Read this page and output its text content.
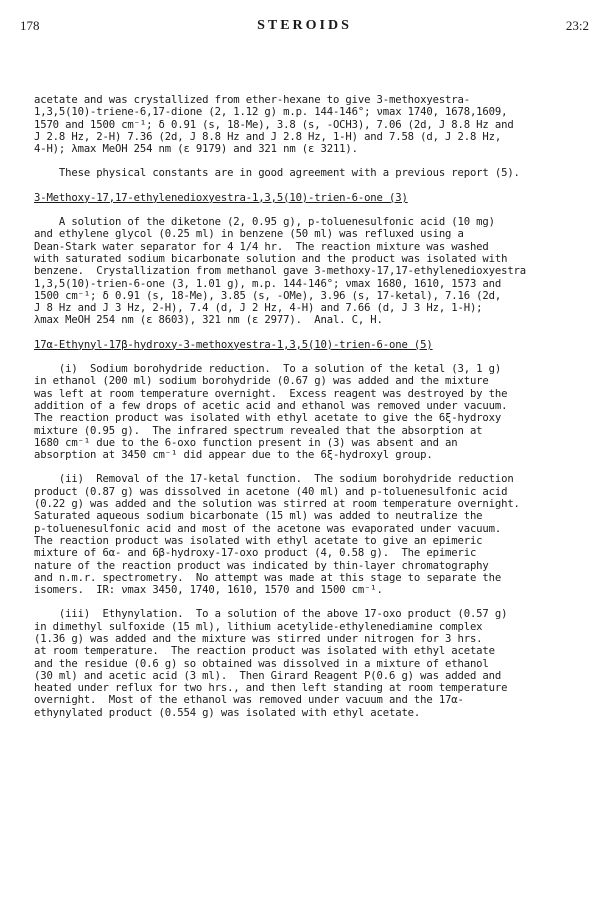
178	STEROIDS	23:2
acetate and was crystallized from ether-hexane to give 3-methoxyestra-
1,3,5(10)-triene-6,17-dione (2, 1.12 g) m.p. 144-146°; νmax 1740, 1678,1609,
1570 and 1500 cm⁻¹; δ 0.91 (s, 18-Me), 3.8 (s, -OCH3), 7.06 (2d, J 8.8 Hz and
J 2.8 Hz, 2-H) 7.36 (2d, J 8.8 Hz and J 2.8 Hz, 1-H) and 7.58 (d, J 2.8 Hz,
4-H); λmax MeOH 254 nm (ε 9179) and 321 nm (ε 3211).
These physical constants are in good agreement with a previous report (5).
3-Methoxy-17,17-ethylenedioxyestra-1,3,5(10)-trien-6-one (3)
A solution of the diketone (2, 0.95 g), p-toluenesulfonic acid (10 mg)
and ethylene glycol (0.25 ml) in benzene (50 ml) was refluxed using a
Dean-Stark water separator for 4 1/4 hr.  The reaction mixture was washed
with saturated sodium bicarbonate solution and the product was isolated with
benzene.  Crystallization from methanol gave 3-methoxy-17,17-ethylenedioxyestra
1,3,5(10)-trien-6-one (3, 1.01 g), m.p. 144-146°; νmax 1680, 1610, 1573 and
1500 cm⁻¹; δ 0.91 (s, 18-Me), 3.85 (s, -OMe), 3.96 (s, 17-ketal), 7.16 (2d,
J 8 Hz and J 3 Hz, 2-H), 7.4 (d, J 2 Hz, 4-H) and 7.66 (d, J 3 Hz, 1-H);
λmax MeOH 254 nm (ε 8603), 321 nm (ε 2977).  Anal. C, H.
17α-Ethynyl-17β-hydroxy-3-methoxyestra-1,3,5(10)-trien-6-one (5)
(i)  Sodium borohydride reduction.  To a solution of the ketal (3, 1 g)
in ethanol (200 ml) sodium borohydride (0.67 g) was added and the mixture
was left at room temperature overnight.  Excess reagent was destroyed by the
addition of a few drops of acetic acid and ethanol was removed under vacuum.
The reaction product was isolated with ethyl acetate to give the 6ξ-hydroxy
mixture (0.95 g).  The infrared spectrum revealed that the absorption at
1680 cm⁻¹ due to the 6-oxo function present in (3) was absent and an
absorption at 3450 cm⁻¹ did appear due to the 6ξ-hydroxyl group.
(ii)  Removal of the 17-ketal function.  The sodium borohydride reduction
product (0.87 g) was dissolved in acetone (40 ml) and p-toluenesulfonic acid
(0.22 g) was added and the solution was stirred at room temperature overnight.
Saturated aqueous sodium bicarbonate (15 ml) was added to neutralize the
p-toluenesulfonic acid and most of the acetone was evaporated under vacuum.
The reaction product was isolated with ethyl acetate to give an epimeric
mixture of 6α- and 6β-hydroxy-17-oxo product (4, 0.58 g).  The epimeric
nature of the reaction product was indicated by thin-layer chromatography
and n.m.r. spectrometry.  No attempt was made at this stage to separate the
isomers.  IR: νmax 3450, 1740, 1610, 1570 and 1500 cm⁻¹.
(iii)  Ethynylation.  To a solution of the above 17-oxo product (0.57 g)
in dimethyl sulfoxide (15 ml), lithium acetylide-ethylenediamine complex
(1.36 g) was added and the mixture was stirred under nitrogen for 3 hrs.
at room temperature.  The reaction product was isolated with ethyl acetate
and the residue (0.6 g) so obtained was dissolved in a mixture of ethanol
(30 ml) and acetic acid (3 ml).  Then Girard Reagent P(0.6 g) was added and
heated under reflux for two hrs., and then left standing at room temperature
overnight.  Most of the ethanol was removed under vacuum and the 17α-
ethynylated product (0.554 g) was isolated with ethyl acetate.
